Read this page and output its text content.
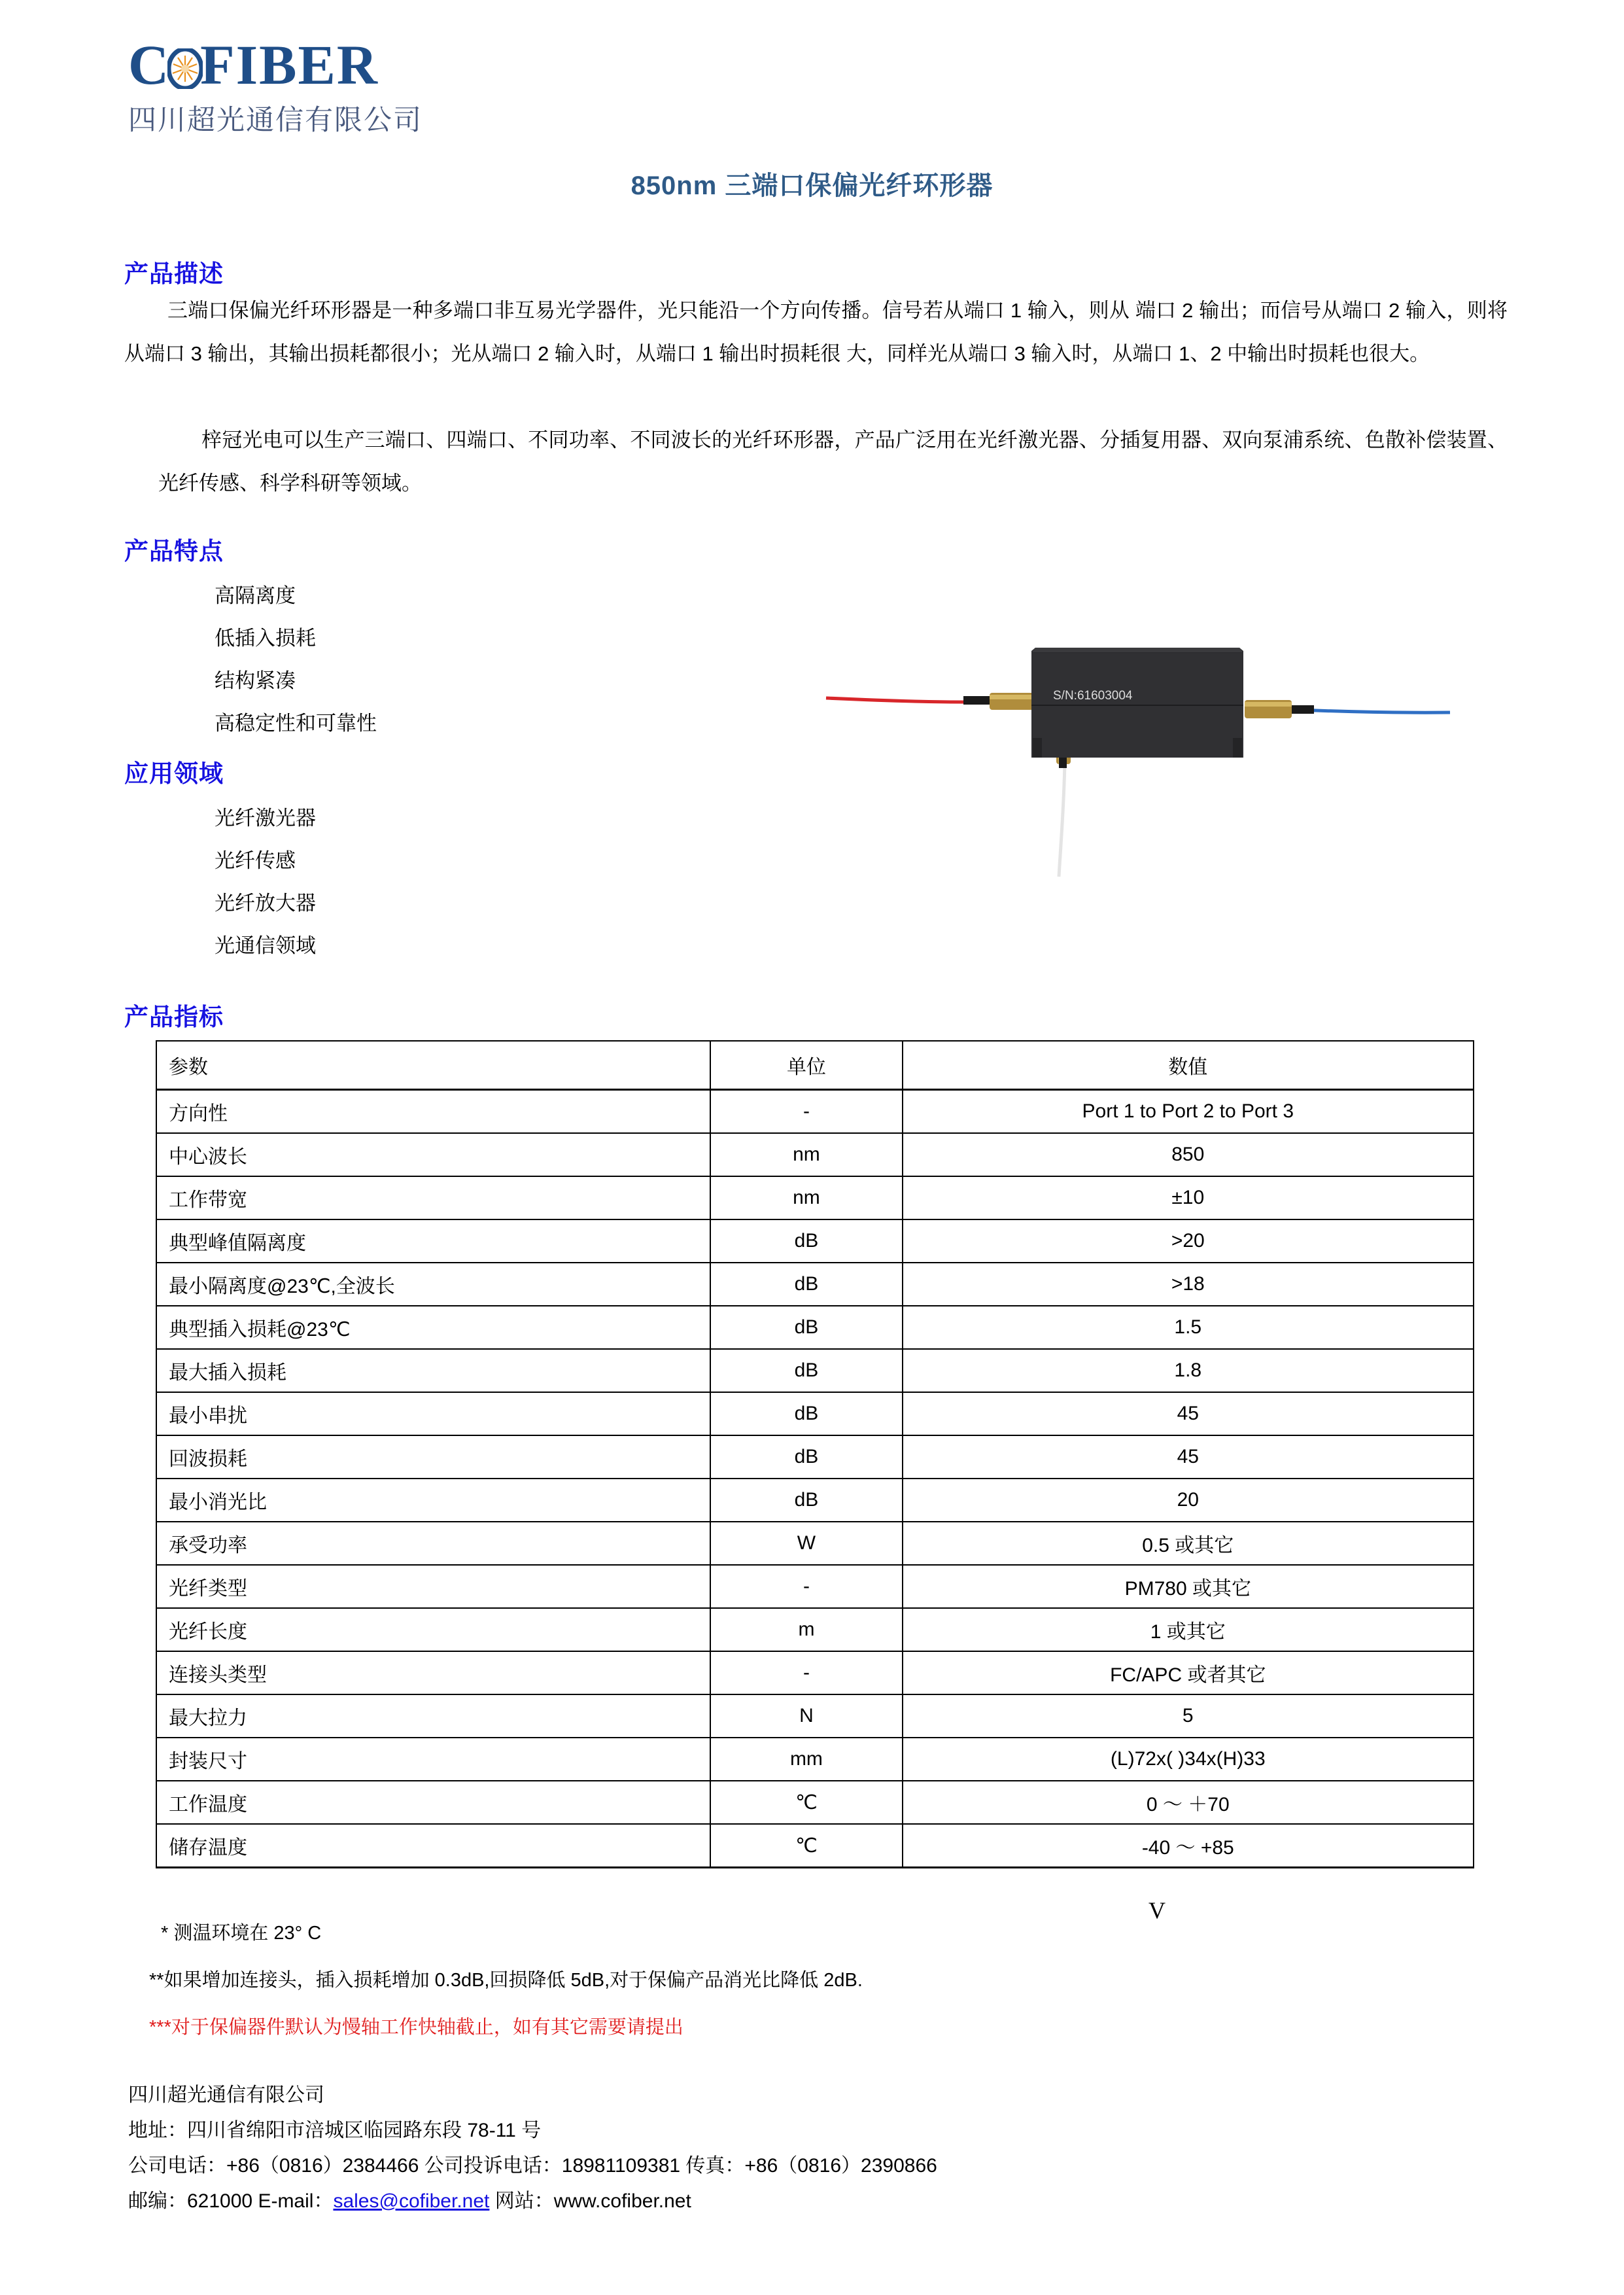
C FIBER
四川超光通信有限公司
850nm 三端口保偏光纤环形器
产品描述
三端口保偏光纤环形器是一种多端口非互易光学器件，光只能沿一个方向传播。信号若从端口 1 输入，则从 端口 2 输出；而信号从端口 2 输入，则将从端口 3 输出，其输出损耗都很小；光从端口 2 输入时，从端口 1 输出时损耗很 大，同样光从端口 3 输入时，从端口 1、2 中输出时损耗也很大。
梓冠光电可以生产三端口、四端口、不同功率、不同波长的光纤环形器，产品广泛用在光纤激光器、分插复用器、双向泵浦系统、色散补偿装置、光纤传感、科学科研等领域。
产品特点
高隔离度
低插入损耗
结构紧凑
高稳定性和可靠性
应用领域
光纤激光器
光纤传感
光纤放大器
光通信领域
S/N:61603004
产品指标
参数	单位	数值
方向性	-	Port 1 to Port 2 to Port 3
中心波长	nm	850
工作带宽	nm	±10
典型峰值隔离度	dB	>20
最小隔离度@23℃,全波长	dB	>18
典型插入损耗@23℃	dB	1.5
最大插入损耗	dB	1.8
最小串扰	dB	45
回波损耗	dB	45
最小消光比	dB	20
承受功率	W	0.5 或其它
光纤类型	-	PM780 或其它
光纤长度	m	1 或其它
连接头类型	-	FC/APC 或者其它
最大拉力	N	5
封装尺寸	mm	(L)72x( )34x(H)33
工作温度	℃	0 ～ ＋70
储存温度	℃	-40 ～ +85
V
* 测温环境在 23° C
**如果增加连接头，插入损耗增加 0.3dB,回损降低 5dB,对于保偏产品消光比降低 2dB.
***对于保偏器件默认为慢轴工作快轴截止，如有其它需要请提出
四川超光通信有限公司
地址：四川省绵阳市涪城区临园路东段 78-11 号
公司电话：+86（0816）2384466 公司投诉电话：18981109381 传真：+86（0816）2390866
邮编：621000 E-mail：sales@cofiber.net 网站：www.cofiber.net
